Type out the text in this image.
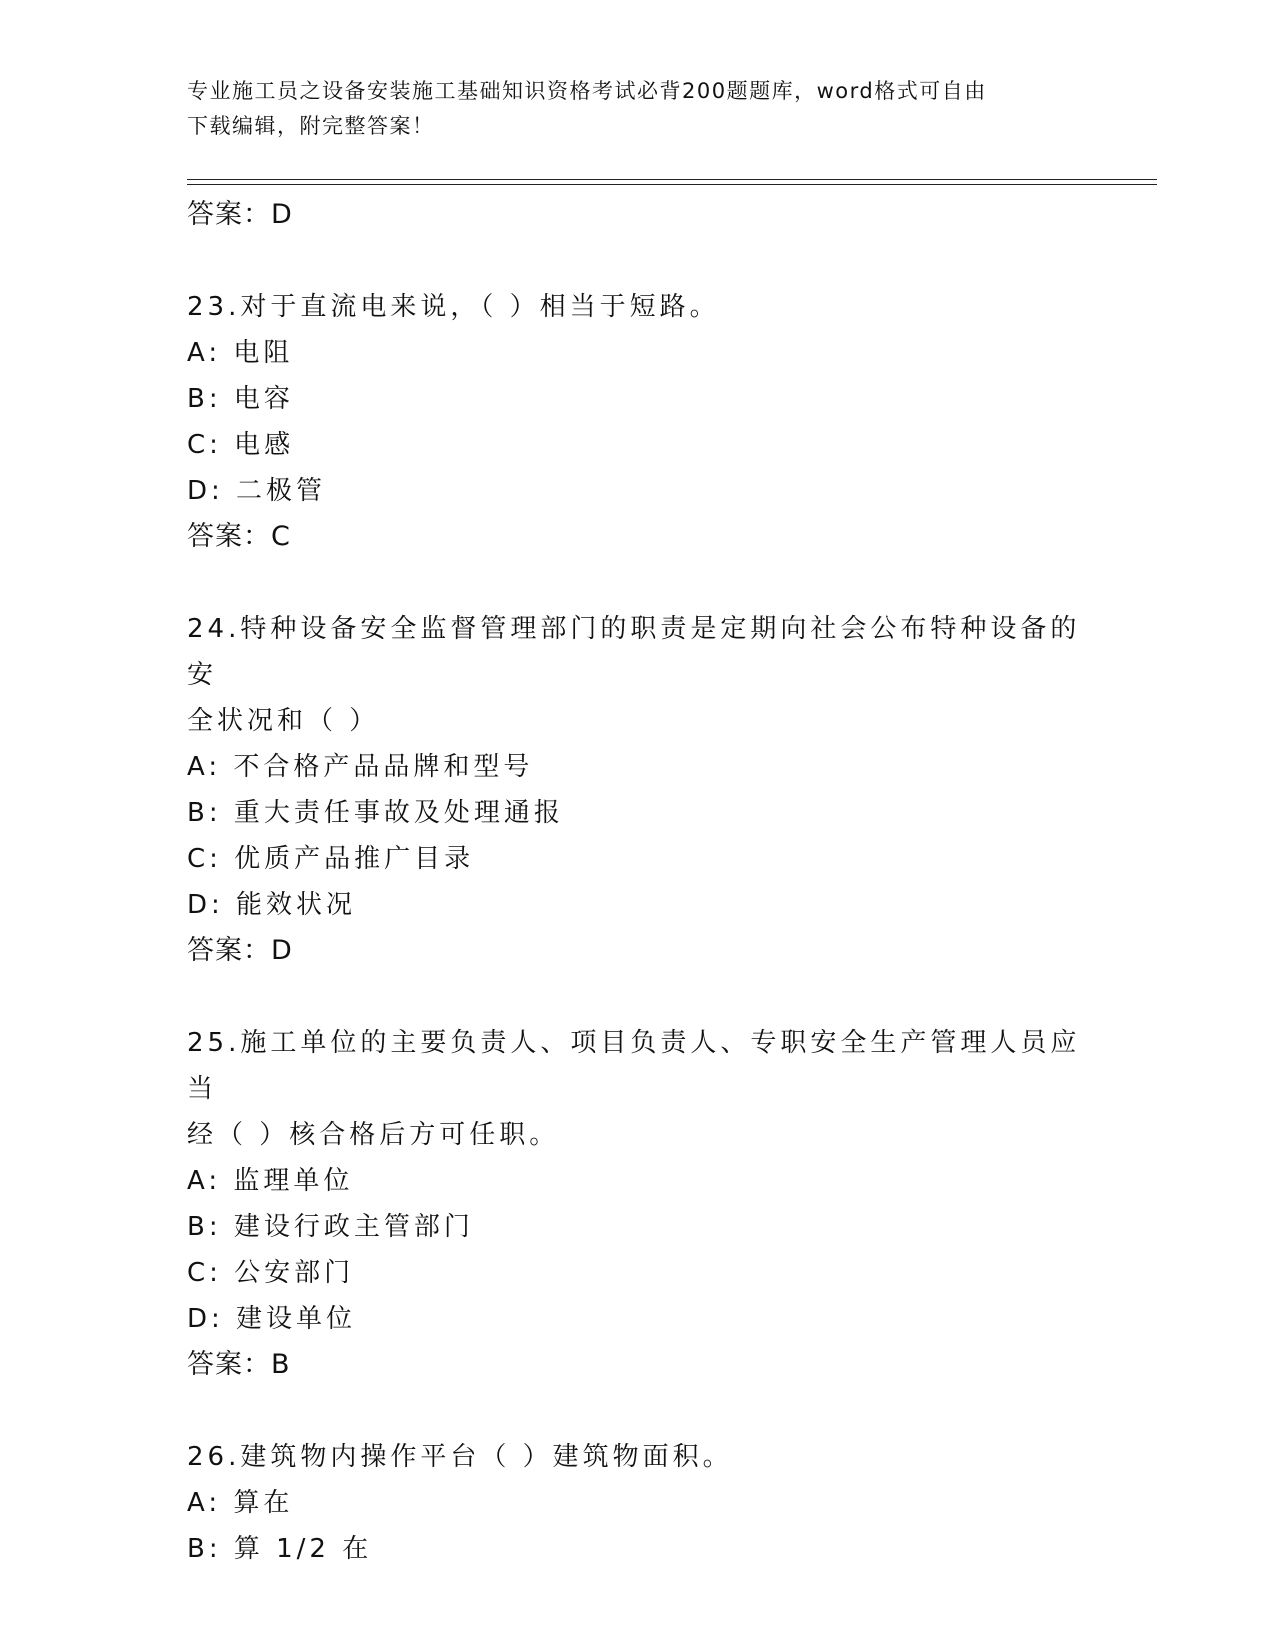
专业施工员之设备安装施工基础知识资格考试必背200题题库，word格式可自由
下载编辑，附完整答案！
答案：D
23.对于直流电来说，（ ）相当于短路。
A: 电阻
B: 电容
C: 电感
D: 二极管
答案：C
24.特种设备安全监督管理部门的职责是定期向社会公布特种设备的安
全状况和（ ）
A: 不合格产品品牌和型号
B: 重大责任事故及处理通报
C: 优质产品推广目录
D: 能效状况
答案：D
25.施工单位的主要负责人、项目负责人、专职安全生产管理人员应当
经（ ）核合格后方可任职。
A: 监理单位
B: 建设行政主管部门
C: 公安部门
D: 建设单位
答案：B
26.建筑物内操作平台（ ）建筑物面积。
A: 算在
B: 算 1/2 在
